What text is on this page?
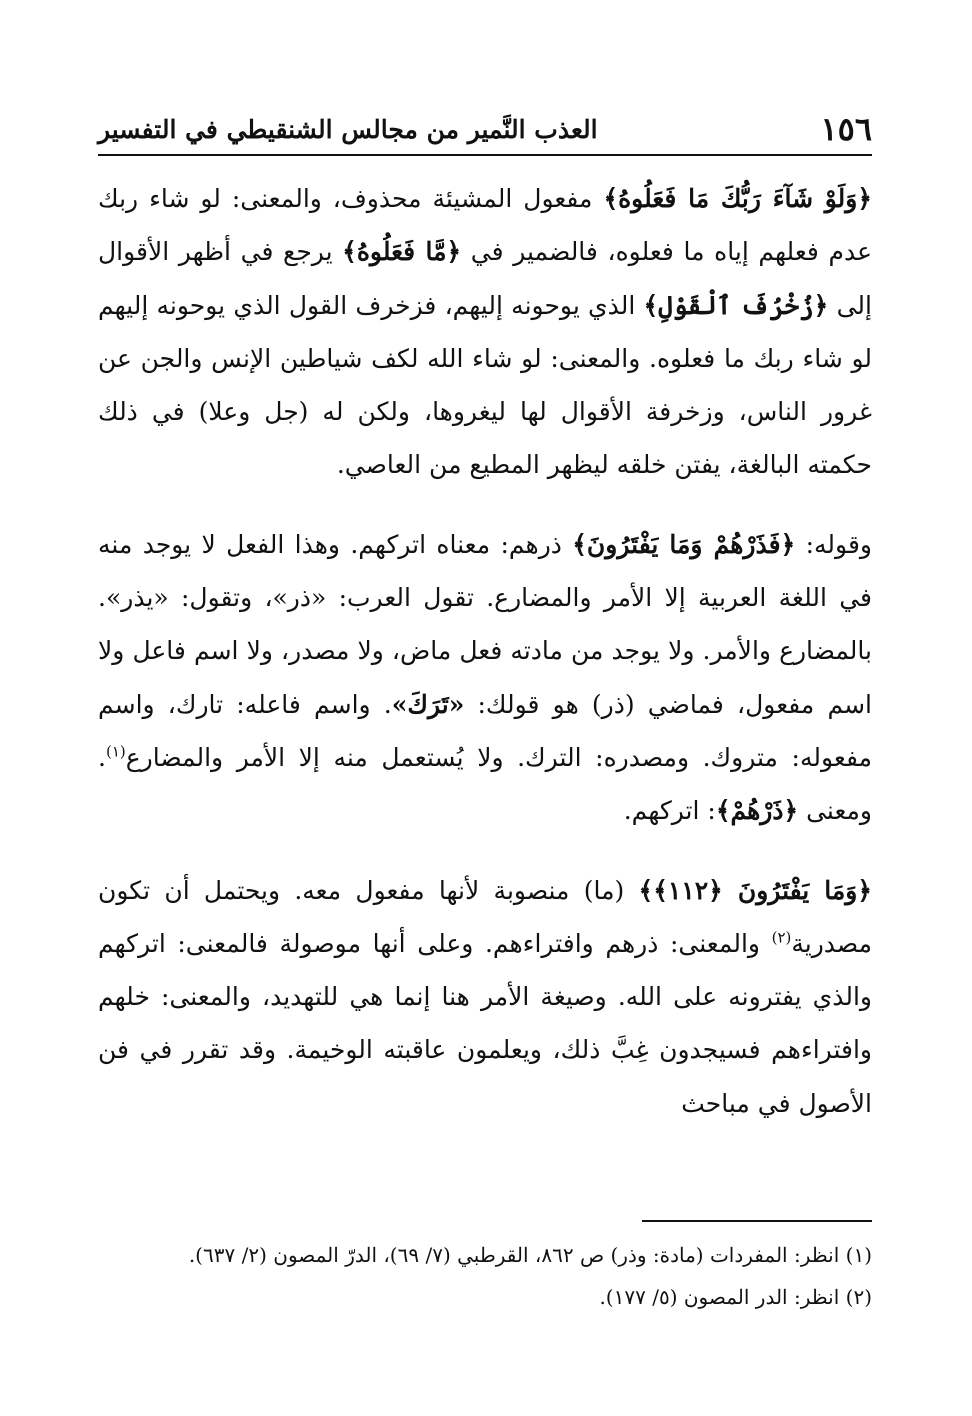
١٥٦
العذب النَّمير من مجالس الشنقيطي في التفسير

﴿وَلَوْ شَآءَ رَبُّكَ مَا فَعَلُوهُ﴾ مفعول المشيئة محذوف، والمعنى: لو شاء ربك عدم فعلهم إياه ما فعلوه، فالضمير في ﴿مَّا فَعَلُوهُ﴾ يرجع في أظهر الأقوال إلى ﴿زُخْرُفَ ٱلْقَوْلِ﴾ الذي يوحونه إليهم، فزخرف القول الذي يوحونه إليهم لو شاء ربك ما فعلوه. والمعنى: لو شاء الله لكف شياطين الإنس والجن عن غرور الناس، وزخرفة الأقوال لها ليغروها، ولكن له (جل وعلا) في ذلك حكمته البالغة، يفتن خلقه ليظهر المطيع من العاصي.

وقوله: ﴿فَذَرْهُمْ وَمَا يَفْتَرُونَ﴾ ذرهم: معناه اتركهم. وهذا الفعل لا يوجد منه في اللغة العربية إلا الأمر والمضارع. تقول العرب: «ذر»، وتقول: «يذر». بالمضارع والأمر. ولا يوجد من مادته فعل ماض، ولا مصدر، ولا اسم فاعل ولا اسم مفعول، فماضي (ذر) هو قولك: «تَرَكَ». واسم فاعله: تارك، واسم مفعوله: متروك. ومصدره: الترك. ولا يُستعمل منه إلا الأمر والمضارع$^{(١)}$. ومعنى ﴿ذَرْهُمْ﴾: اتركهم.

﴿وَمَا يَفْتَرُونَ ﴿١١٢﴾﴾ (ما) منصوبة لأنها مفعول معه. ويحتمل أن تكون مصدرية$^{(٢)}$ والمعنى: ذرهم وافتراءهم. وعلى أنها موصولة فالمعنى: اتركهم والذي يفترونه على الله. وصيغة الأمر هنا إنما هي للتهديد، والمعنى: خلهم وافتراءهم فسيجدون غِبَّ ذلك، ويعلمون عاقبته الوخيمة. وقد تقرر في فن الأصول في مباحث

(١) انظر: المفردات (مادة: وذر) ص ٨٦٢، القرطبي (٧/ ٦٩)، الدرّ المصون (٢/ ٦٣٧).

(٢) انظر: الدر المصون (٥/ ١٧٧).
